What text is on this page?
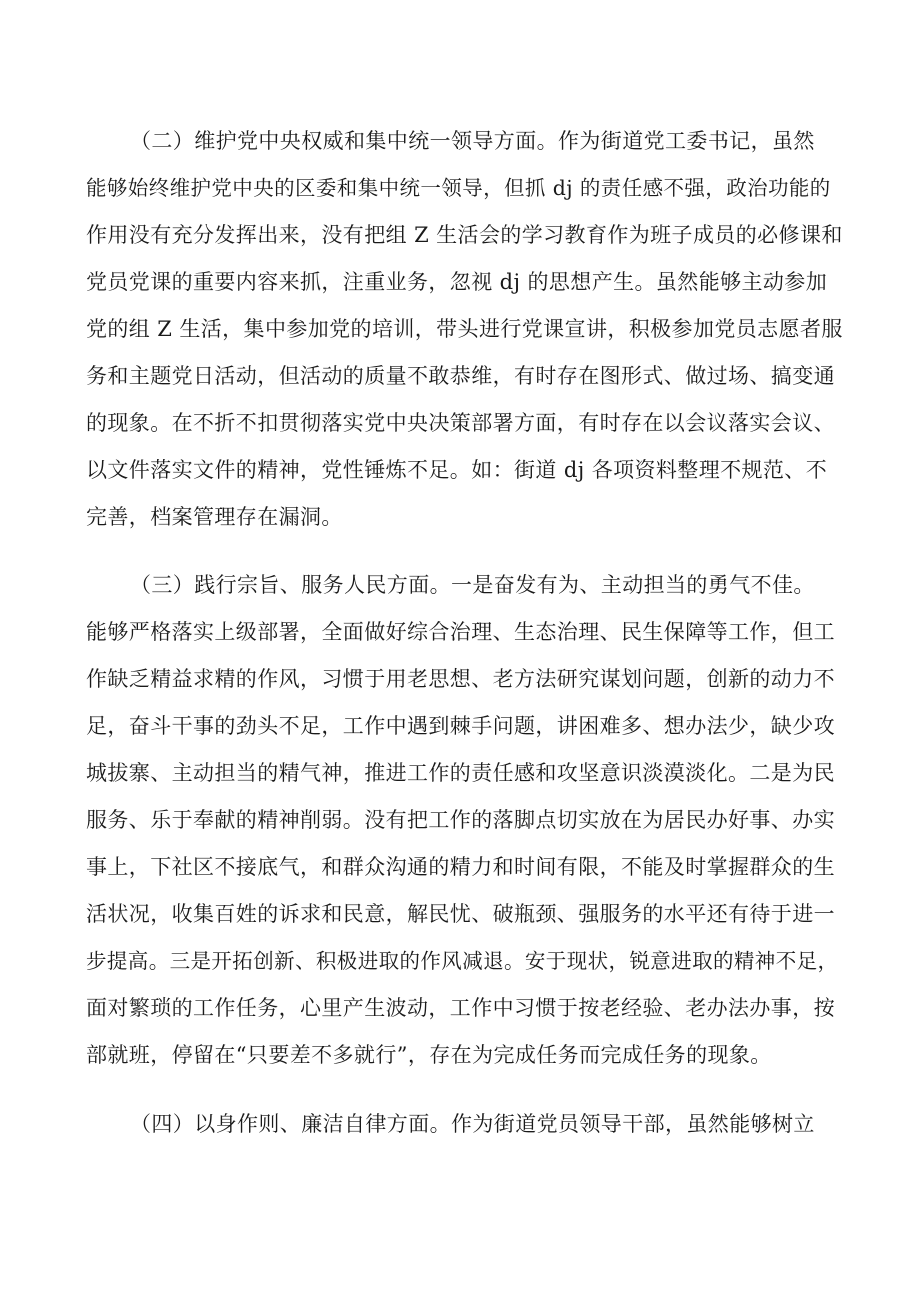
（二）维护党中央权威和集中统一领导方面。作为街道党工委书记，虽然
能够始终维护党中央的区委和集中统一领导，但抓 dj 的责任感不强，政治功能的
作用没有充分发挥出来，没有把组 Z 生活会的学习教育作为班子成员的必修课和
党员党课的重要内容来抓，注重业务，忽视 dj 的思想产生。虽然能够主动参加
党的组 Z 生活，集中参加党的培训，带头进行党课宣讲，积极参加党员志愿者服
务和主题党日活动，但活动的质量不敢恭维，有时存在图形式、做过场、搞变通
的现象。在不折不扣贯彻落实党中央决策部署方面，有时存在以会议落实会议、
以文件落实文件的精神，党性锤炼不足。如：街道 dj 各项资料整理不规范、不
完善，档案管理存在漏洞。
（三）践行宗旨、服务人民方面。一是奋发有为、主动担当的勇气不佳。
能够严格落实上级部署，全面做好综合治理、生态治理、民生保障等工作，但工
作缺乏精益求精的作风，习惯于用老思想、老方法研究谋划问题，创新的动力不
足，奋斗干事的劲头不足，工作中遇到棘手问题，讲困难多、想办法少，缺少攻
城拔寨、主动担当的精气神，推进工作的责任感和攻坚意识淡漠淡化。二是为民
服务、乐于奉献的精神削弱。没有把工作的落脚点切实放在为居民办好事、办实
事上，下社区不接底气，和群众沟通的精力和时间有限，不能及时掌握群众的生
活状况，收集百姓的诉求和民意，解民忧、破瓶颈、强服务的水平还有待于进一
步提高。三是开拓创新、积极进取的作风减退。安于现状，锐意进取的精神不足，
面对繁琐的工作任务，心里产生波动，工作中习惯于按老经验、老办法办事，按
部就班，停留在“只要差不多就行”，存在为完成任务而完成任务的现象。
（四）以身作则、廉洁自律方面。作为街道党员领导干部，虽然能够树立
